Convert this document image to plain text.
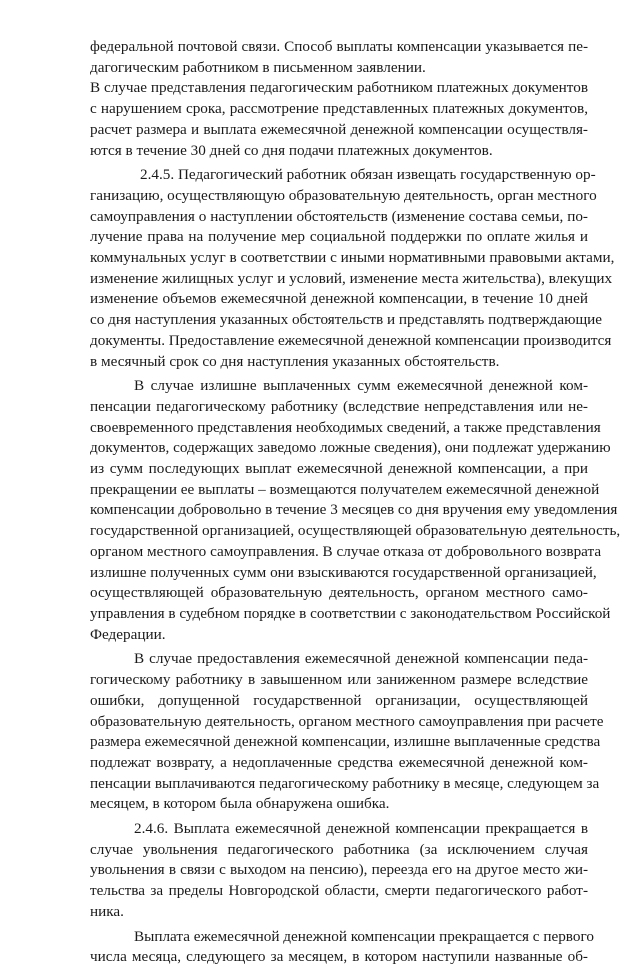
федеральной почтовой связи. Способ выплаты компенсации указывается пе-
дагогическим работником в письменном заявлении.
В случае представления педагогическим работником платежных документов
с нарушением срока, рассмотрение представленных платежных документов,
расчет размера и выплата ежемесячной денежной компенсации осуществля-
ются в течение 30 дней со дня подачи платежных документов.
2.4.5. Педагогический работник обязан извещать государственную ор-
ганизацию, осуществляющую образовательную деятельность, орган местного
самоуправления о наступлении обстоятельств (изменение состава семьи, по-
лучение права на получение мер социальной поддержки по оплате жилья и
коммунальных услуг в соответствии с иными нормативными правовыми актами,
изменение жилищных услуг и условий, изменение места жительства), влекущих
изменение объемов ежемесячной денежной компенсации, в течение 10 дней
со дня наступления указанных обстоятельств и представлять подтверждающие
документы. Предоставление ежемесячной денежной компенсации производится
в месячный срок со дня наступления указанных обстоятельств.
В случае излишне выплаченных сумм ежемесячной денежной ком-
пенсации педагогическому работнику (вследствие непредставления или не-
своевременного представления необходимых сведений, а также представления
документов, содержащих заведомо ложные сведения), они подлежат удержанию
из сумм последующих выплат ежемесячной денежной компенсации, а при
прекращении ее выплаты – возмещаются получателем ежемесячной денежной
компенсации добровольно в течение 3 месяцев со дня вручения ему уведомления
государственной организацией, осуществляющей образовательную деятельность,
органом местного самоуправления. В случае отказа от добровольного возврата
излишне полученных сумм они взыскиваются государственной организацией,
осуществляющей образовательную деятельность, органом местного само-
управления в судебном порядке в соответствии с законодательством Российской
Федерации.
В случае предоставления ежемесячной денежной компенсации педа-
гогическому работнику в завышенном или заниженном размере вследствие
ошибки, допущенной государственной организации, осуществляющей
образовательную деятельность, органом местного самоуправления при расчете
размера ежемесячной денежной компенсации, излишне выплаченные средства
подлежат возврату, а недоплаченные средства ежемесячной денежной ком-
пенсации выплачиваются педагогическому работнику в месяце, следующем за
месяцем, в котором была обнаружена ошибка.
2.4.6. Выплата ежемесячной денежной компенсации прекращается в
случае увольнения педагогического работника (за исключением случая
увольнения в связи с выходом на пенсию), переезда его на другое место жи-
тельства за пределы Новгородской области, смерти педагогического работ-
ника.
Выплата ежемесячной денежной компенсации прекращается с первого
числа месяца, следующего за месяцем, в котором наступили названные об-
